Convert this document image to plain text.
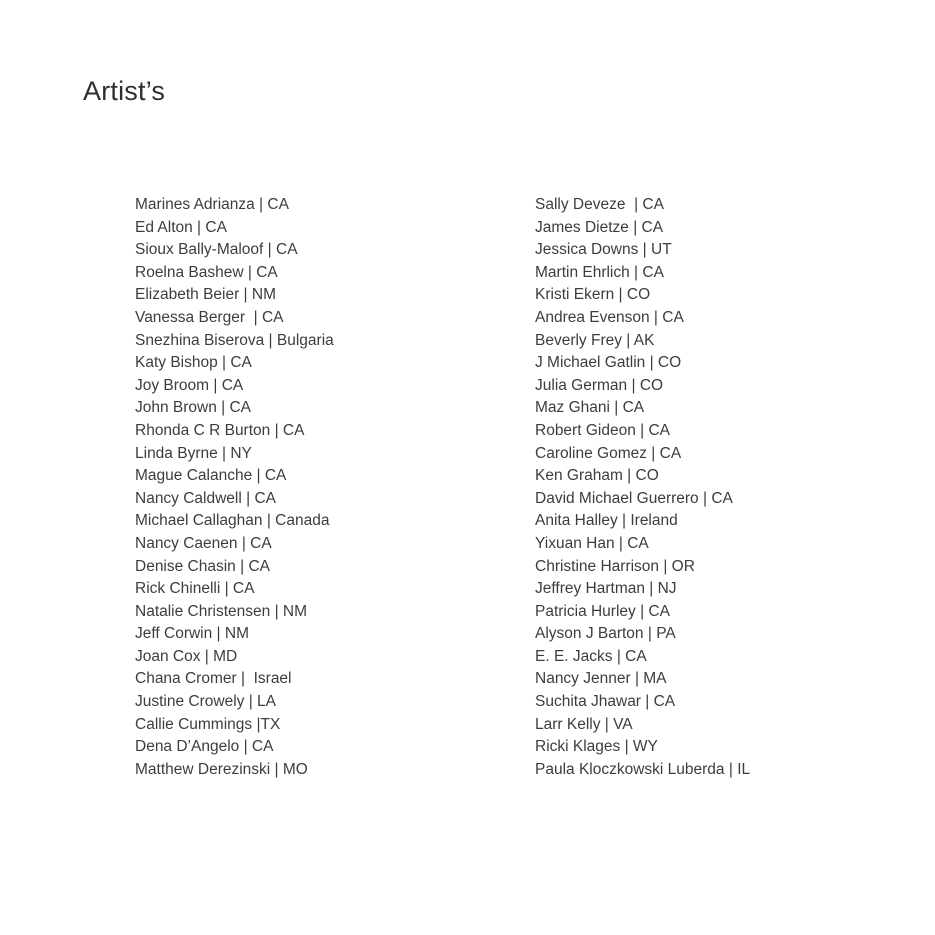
Artist’s
Marines Adrianza | CA
Ed Alton | CA
Sioux Bally-Maloof | CA
Roelna Bashew | CA
Elizabeth Beier | NM
Vanessa Berger  | CA
Snezhina Biserova | Bulgaria
Katy Bishop | CA
Joy Broom | CA
John Brown | CA
Rhonda C R Burton | CA
Linda Byrne | NY
Mague Calanche | CA
Nancy Caldwell | CA
Michael Callaghan | Canada
Nancy Caenen | CA
Denise Chasin | CA
Rick Chinelli | CA
Natalie Christensen | NM
Jeff Corwin | NM
Joan Cox | MD
Chana Cromer |  Israel
Justine Crowely | LA
Callie Cummings |TX
Dena D’Angelo | CA
Matthew Derezinski | MO
Sally Deveze  | CA
James Dietze | CA
Jessica Downs | UT
Martin Ehrlich | CA
Kristi Ekern | CO
Andrea Evenson | CA
Beverly Frey | AK
J Michael Gatlin | CO
Julia German | CO
Maz Ghani | CA
Robert Gideon | CA
Caroline Gomez | CA
Ken Graham | CO
David Michael Guerrero | CA
Anita Halley | Ireland
Yixuan Han | CA
Christine Harrison | OR
Jeffrey Hartman | NJ
Patricia Hurley | CA
Alyson J Barton | PA
E. E. Jacks | CA
Nancy Jenner | MA
Suchita Jhawar | CA
Larr Kelly | VA
Ricki Klages | WY
Paula Kloczkowski Luberda | IL
